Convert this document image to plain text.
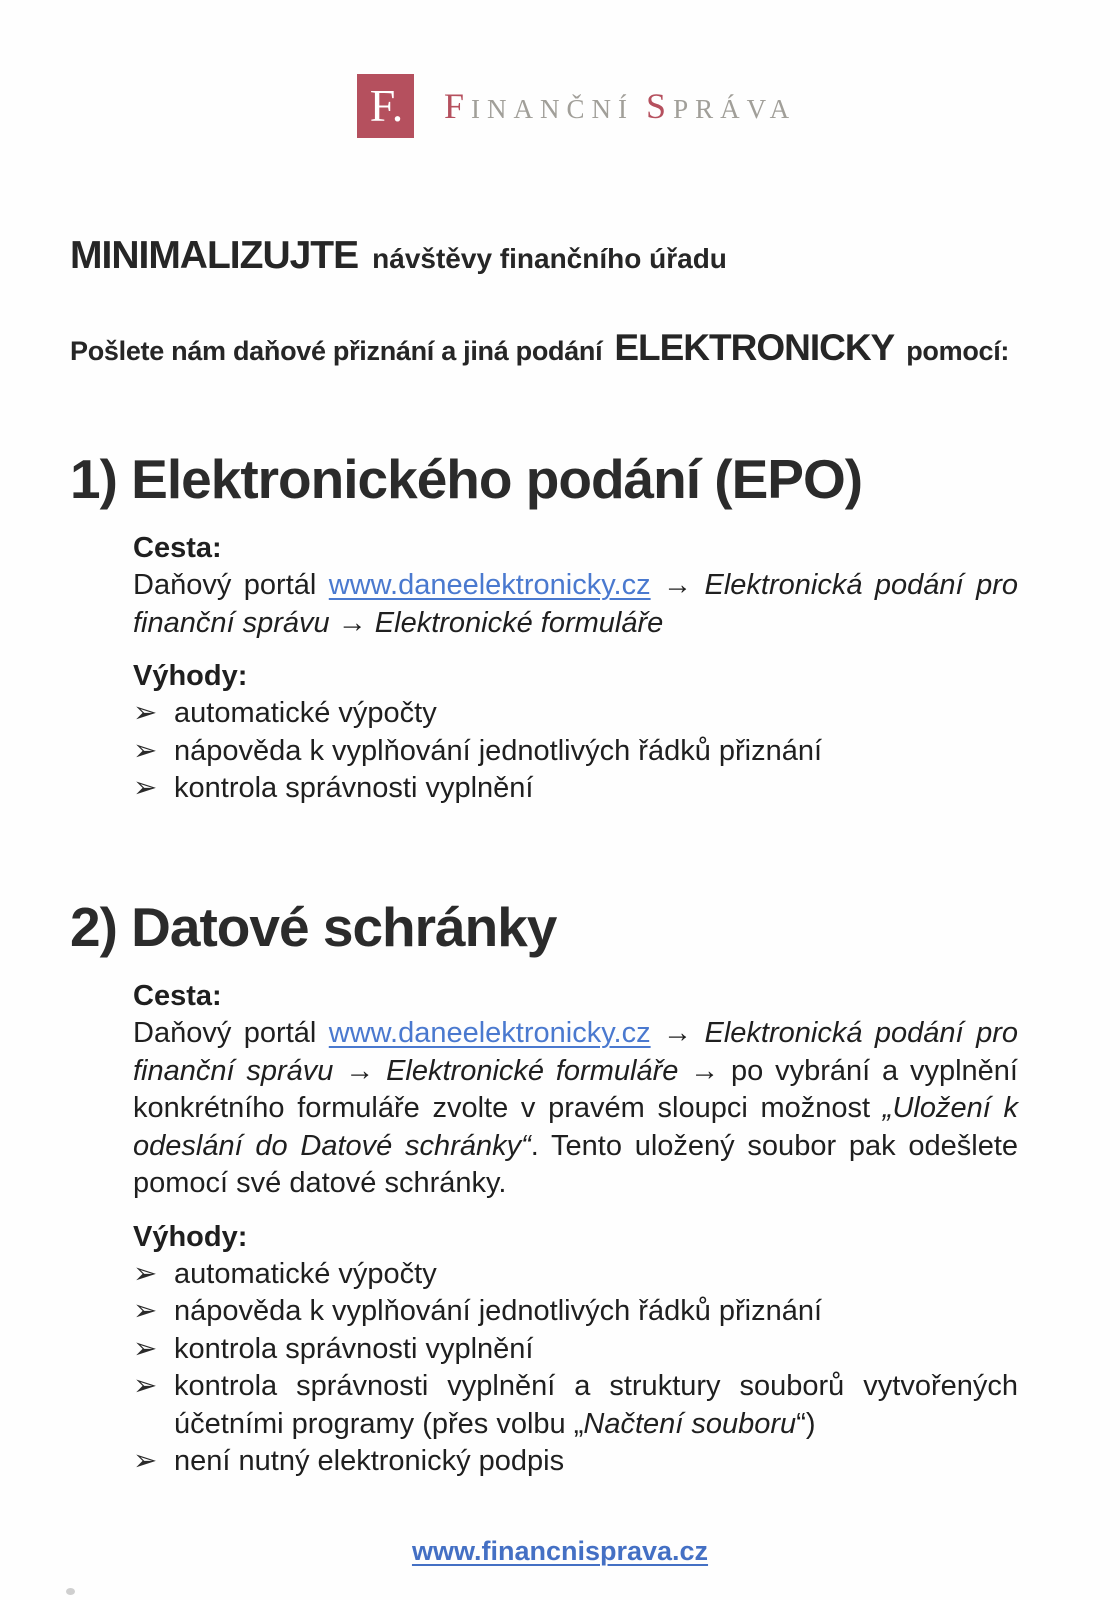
F. FINANČNÍ SPRÁVA
MINIMALIZUJTE návštěvy finančního úřadu
Pošlete nám daňové přiznání a jiná podání ELEKTRONICKY pomocí:
1) Elektronického podání (EPO)

Cesta:

Daňový portál www.daneelektronicky.cz → Elektronická podání pro finanční správu → Elektronické formuláře

Výhody:

➢ automatické výpočty
➢ nápověda k vyplňování jednotlivých řádků přiznání
➢ kontrola správnosti vyplnění
2) Datové schránky

Cesta:

Daňový portál www.daneelektronicky.cz → Elektronická podání pro finanční správu → Elektronické formuláře → po vybrání a vyplnění konkrétního formuláře zvolte v pravém sloupci možnost „Uložení k odeslání do Datové schránky“. Tento uložený soubor pak odešlete pomocí své datové schránky.

Výhody:

➢ automatické výpočty
➢ nápověda k vyplňování jednotlivých řádků přiznání
➢ kontrola správnosti vyplnění
➢ kontrola správnosti vyplnění a struktury souborů vytvořených účetními programy (přes volbu „Načtení souboru“)
➢ není nutný elektronický podpis
www.financnisprava.cz
